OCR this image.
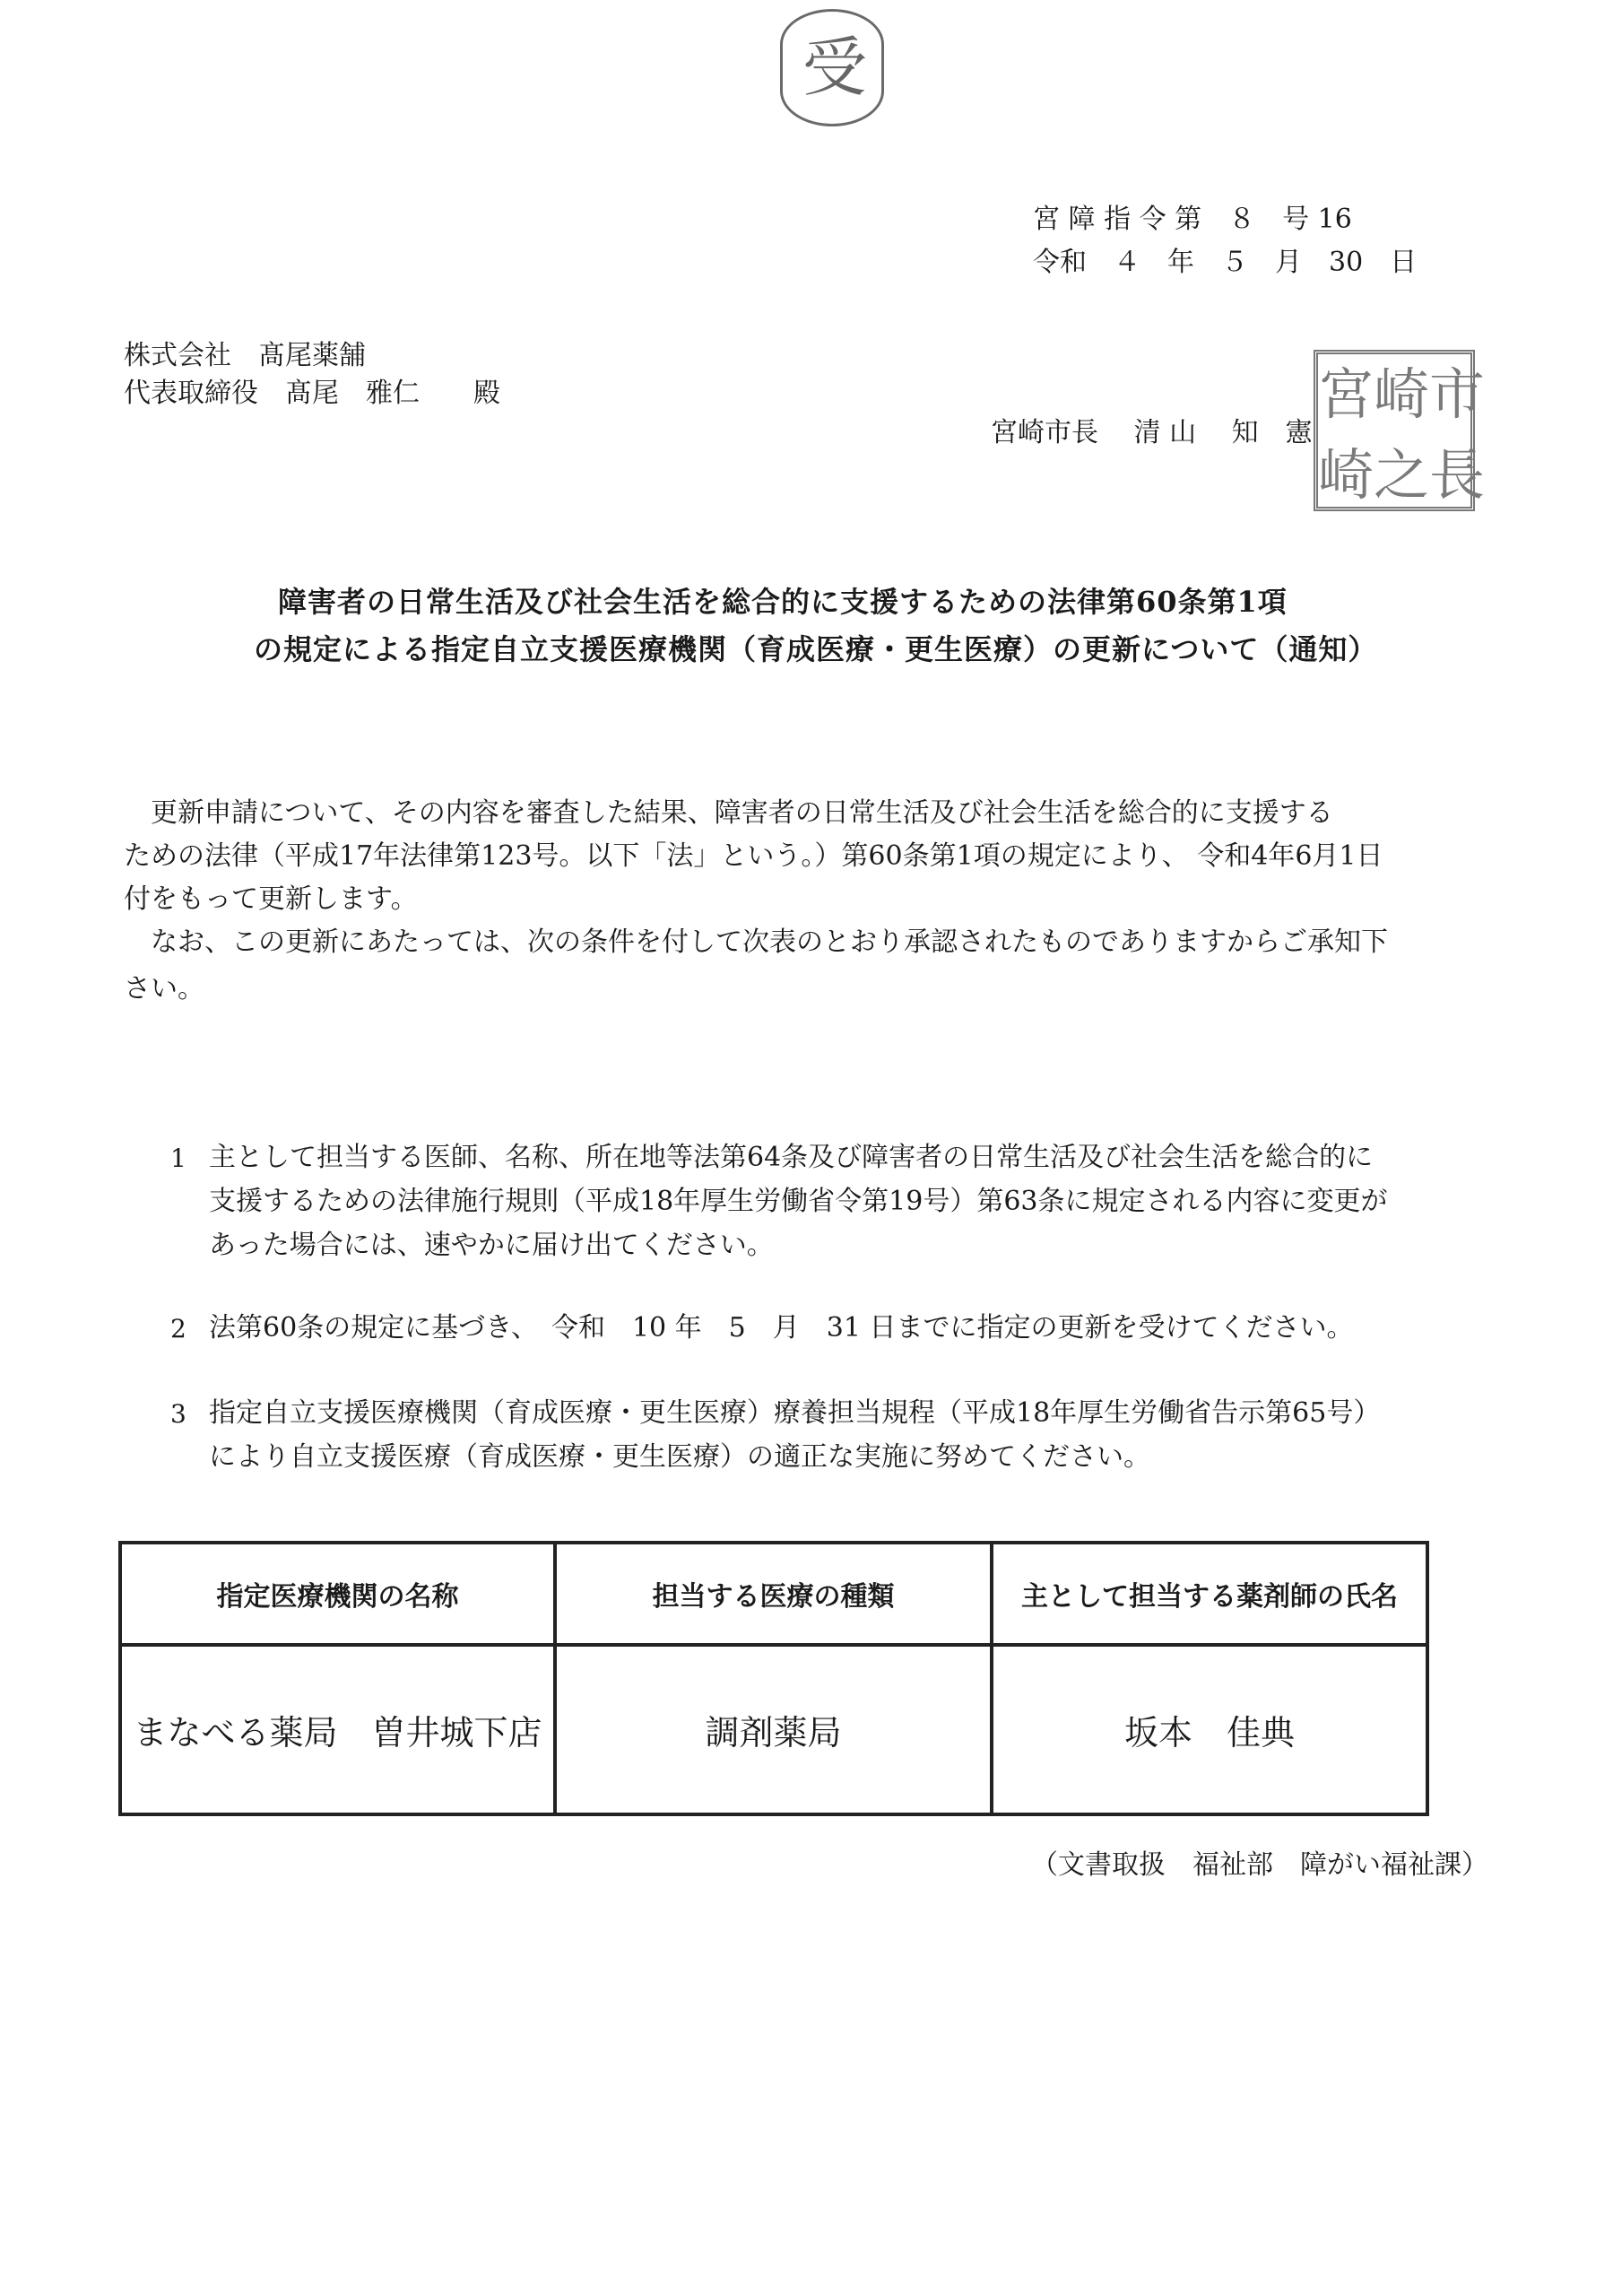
受
宮 障 指 令 第　８　号 16
令和　４　年　５　月　30　日
株式会社　髙尾薬舗
代表取締役　髙尾　雅仁　　殿
宮崎市長　 清 山　 知　憲
宮 崎 市
崎 之 長
障害者の日常生活及び社会生活を総合的に支援するための法律第60条第1項
の規定による指定自立支援医療機関（育成医療・更生医療）の更新について（通知）
　更新申請について、その内容を審査した結果、障害者の日常生活及び社会生活を総合的に支援する
ための法律（平成17年法律第123号。以下「法」という。）第60条第1項の規定により、 令和4年6月1日
付をもって更新します。
　なお、この更新にあたっては、次の条件を付して次表のとおり承認されたものでありますからご承知下
さい。
1 主として担当する医師、名称、所在地等法第64条及び障害者の日常生活及び社会生活を総合的に
支援するための法律施行規則（平成18年厚生労働省令第19号）第63条に規定される内容に変更が
あった場合には、速やかに届け出てください。
2 法第60条の規定に基づき、　令和　10 年　5　月　31 日までに指定の更新を受けてください。
3 指定自立支援医療機関（育成医療・更生医療）療養担当規程（平成18年厚生労働省告示第65号）
により自立支援医療（育成医療・更生医療）の適正な実施に努めてください。
指定医療機関の名称	担当する医療の種類	主として担当する薬剤師の氏名
まなべる薬局　曽井城下店	調剤薬局	坂本　佳典
（文書取扱　福祉部　障がい福祉課）
